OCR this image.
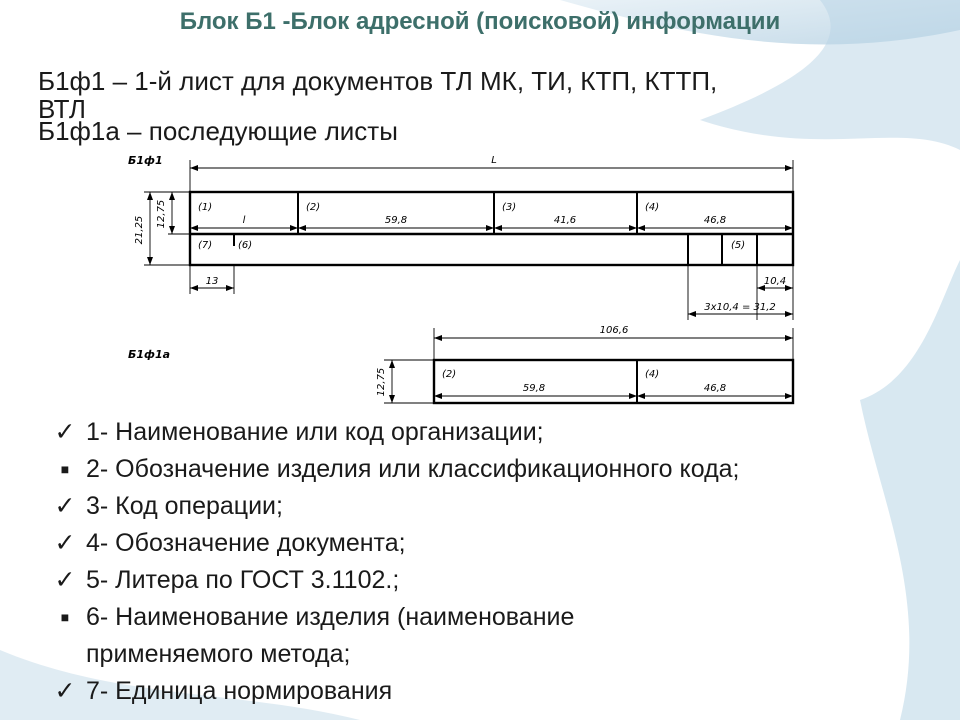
Блок Б1 -Блок адресной (поисковой) информации
Б1ф1 – 1-й лист для документов ТЛ МК, ТИ, КТП, КТТП,
ВТЛ
Б1ф1а – последующие листы
Б1ф1	L
21,25
12,75	(1)	(2)	(3)	(4)
l	59,8	41,6	46,8
(7)	(6)	(5)
13	10,4
3x10,4 = 31,2
Б1ф1а
106,6
12,75	(2)	(4)
59,8	46,8
✓ 1- Наименование или код организации;
■ 2- Обозначение изделия или классификационного кода;
✓ 3- Код операции;
✓ 4- Обозначение документа;
✓ 5- Литера по ГОСТ 3.1102.;
■ 6- Наименование изделия (наименование
применяемого метода;
✓ 7- Единица нормирования
